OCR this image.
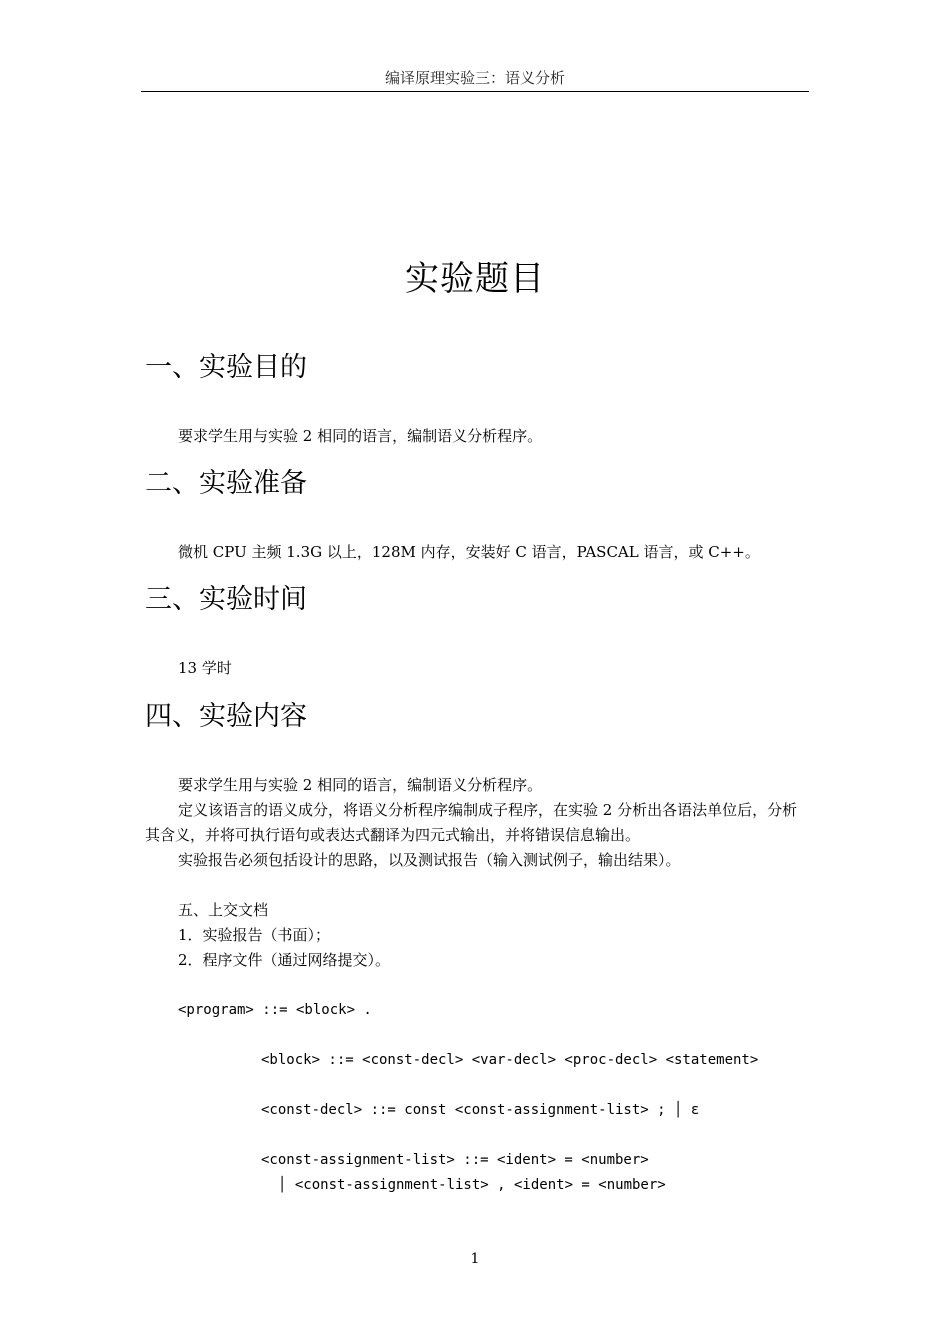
编译原理实验三：语义分析
实验题目
一、实验目的

要求学生用与实验 2 相同的语言，编制语义分析程序。

二、实验准备

微机 CPU 主频 1.3G 以上，128M 内存，安装好 C 语言，PASCAL 语言，或 C++。

三、实验时间

13 学时

四、实验内容

要求学生用与实验 2 相同的语言，编制语义分析程序。

定义该语言的语义成分，将语义分析程序编制成子程序，在实验 2 分析出各语法单位后，分析其含义，并将可执行语句或表达式翻译为四元式输出，并将错误信息输出。

实验报告必须包括设计的思路，以及测试报告（输入测试例子，输出结果）。

五、上交文档

1．实验报告（书面）；

2．程序文件（通过网络提交）。

<program> ::= <block> .

<block> ::= <const-decl> <var-decl> <proc-decl> <statement>

<const-decl> ::= const <const-assignment-list> ; │ ε

<const-assignment-list> ::= <ident> = <number>

│ <const-assignment-list> , <ident> = <number>

1
